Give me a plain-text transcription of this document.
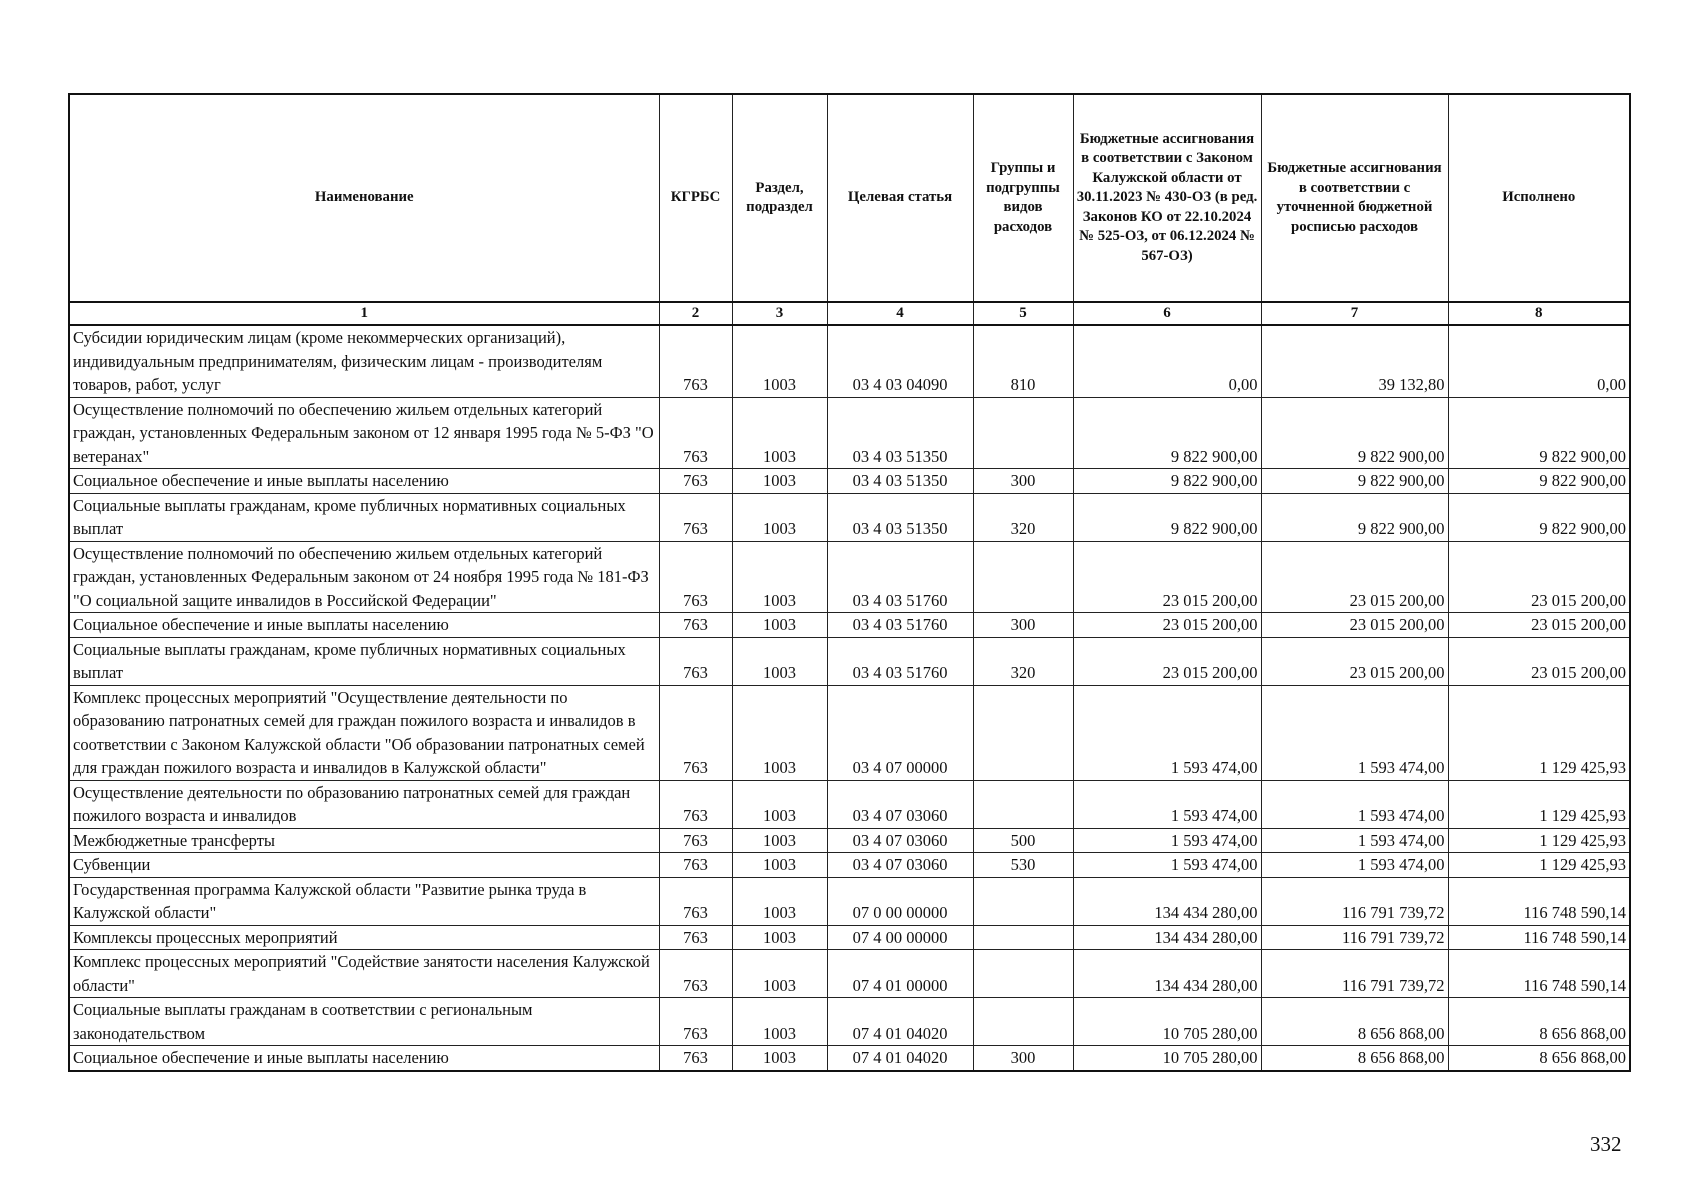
Наименование	КГРБС	Раздел, подраздел	Целевая статья	Группы и подгруппы видов расходов	Бюджетные ассигнования в соответствии с Законом Калужской области от 30.11.2023 № 430-ОЗ (в ред. Законов КО от 22.10.2024 № 525-ОЗ, от 06.12.2024 № 567-ОЗ)	Бюджетные ассигнования в соответствии с уточненной бюджетной росписью расходов	Исполнено
1	2	3	4	5	6	7	8
Субсидии юридическим лицам (кроме некоммерческих организаций), индивидуальным предпринимателям, физическим лицам - производителям товаров, работ, услуг	763	1003	03 4 03 04090	810	0,00	39 132,80	0,00
Осуществление полномочий по обеспечению жильем отдельных категорий граждан, установленных Федеральным законом от 12 января 1995 года № 5-ФЗ "О ветеранах"	763	1003	03 4 03 51350		9 822 900,00	9 822 900,00	9 822 900,00
Социальное обеспечение и иные выплаты населению	763	1003	03 4 03 51350	300	9 822 900,00	9 822 900,00	9 822 900,00
Социальные выплаты гражданам, кроме публичных нормативных социальных выплат	763	1003	03 4 03 51350	320	9 822 900,00	9 822 900,00	9 822 900,00
Осуществление полномочий по обеспечению жильем отдельных категорий граждан, установленных Федеральным законом от 24 ноября 1995 года № 181-ФЗ "О социальной защите инвалидов в Российской Федерации"	763	1003	03 4 03 51760		23 015 200,00	23 015 200,00	23 015 200,00
Социальное обеспечение и иные выплаты населению	763	1003	03 4 03 51760	300	23 015 200,00	23 015 200,00	23 015 200,00
Социальные выплаты гражданам, кроме публичных нормативных социальных выплат	763	1003	03 4 03 51760	320	23 015 200,00	23 015 200,00	23 015 200,00
Комплекс процессных мероприятий "Осуществление деятельности по образованию патронатных семей для граждан пожилого возраста и инвалидов в соответствии с Законом Калужской области "Об образовании патронатных семей для граждан пожилого возраста и инвалидов в Калужской области"	763	1003	03 4 07 00000		1 593 474,00	1 593 474,00	1 129 425,93
Осуществление деятельности по образованию патронатных семей для граждан пожилого возраста и инвалидов	763	1003	03 4 07 03060		1 593 474,00	1 593 474,00	1 129 425,93
Межбюджетные трансферты	763	1003	03 4 07 03060	500	1 593 474,00	1 593 474,00	1 129 425,93
Субвенции	763	1003	03 4 07 03060	530	1 593 474,00	1 593 474,00	1 129 425,93
Государственная программа Калужской области "Развитие рынка труда в Калужской области"	763	1003	07 0 00 00000		134 434 280,00	116 791 739,72	116 748 590,14
Комплексы процессных мероприятий	763	1003	07 4 00 00000		134 434 280,00	116 791 739,72	116 748 590,14
Комплекс процессных мероприятий "Содействие занятости населения Калужской области"	763	1003	07 4 01 00000		134 434 280,00	116 791 739,72	116 748 590,14
Социальные выплаты гражданам в соответствии с региональным законодательством	763	1003	07 4 01 04020		10 705 280,00	8 656 868,00	8 656 868,00
Социальное обеспечение и иные выплаты населению	763	1003	07 4 01 04020	300	10 705 280,00	8 656 868,00	8 656 868,00
332
